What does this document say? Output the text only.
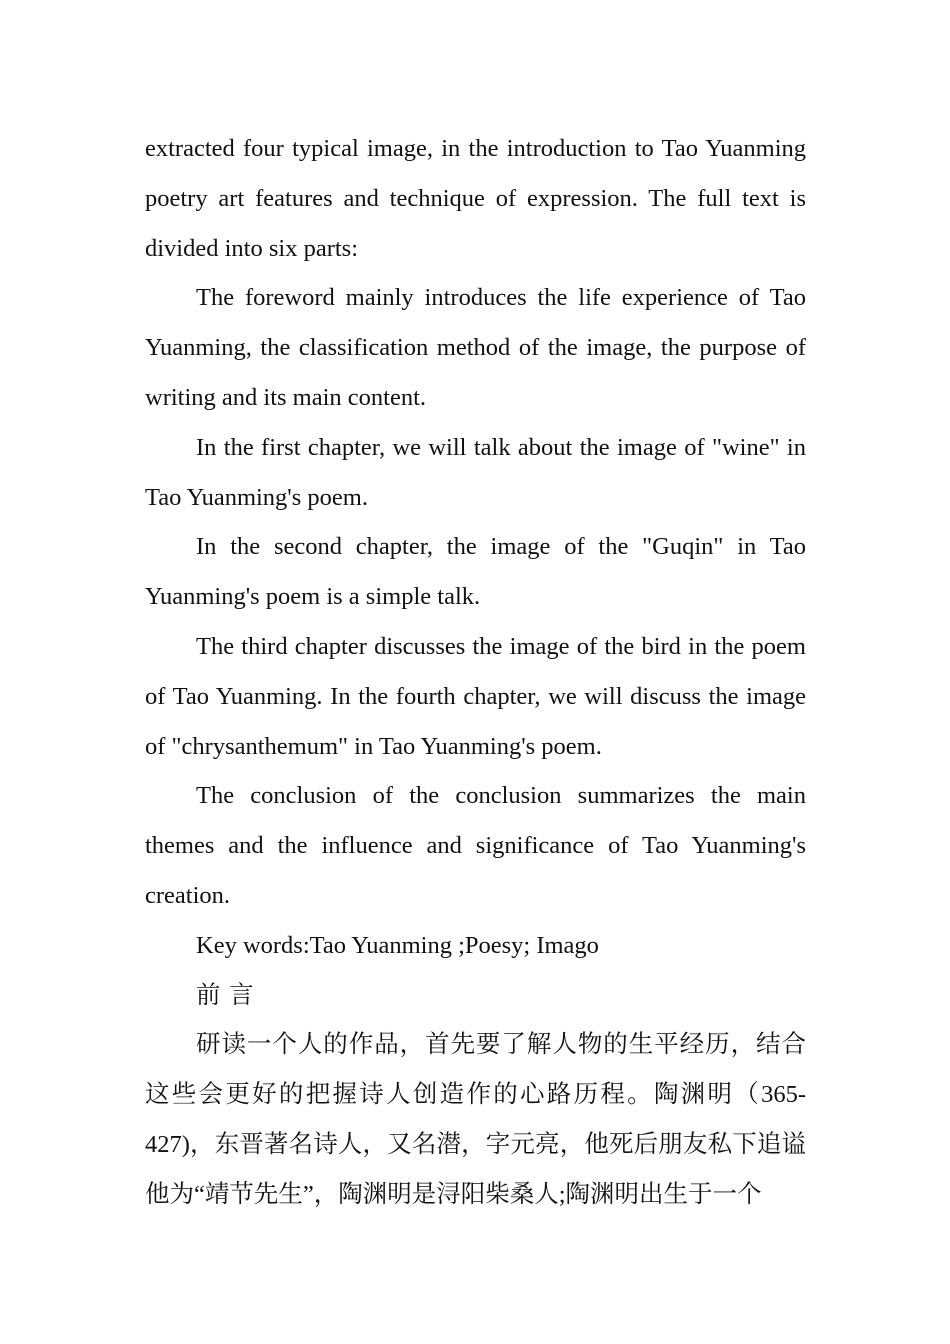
extracted four typical image, in the introduction to Tao Yuanming poetry art features and technique of expression. The full text is divided into six parts:

The foreword mainly introduces the life experience of Tao Yuanming, the classification method of the image, the purpose of writing and its main content.

In the first chapter, we will talk about the image of "wine" in Tao Yuanming's poem.

In the second chapter, the image of the "Guqin" in Tao Yuanming's poem is a simple talk.

The third chapter discusses the image of the bird in the poem of Tao Yuanming. In the fourth chapter, we will discuss the image of "chrysanthemum" in Tao Yuanming's poem.

The conclusion of the conclusion summarizes the main themes and the influence and significance of Tao Yuanming's creation.

Key words:Tao Yuanming ;Poesy; Imago

前言

研读一个人的作品，首先要了解人物的生平经历，结合这些会更好的把握诗人创造作的心路历程。陶渊明（365-427)，东晋著名诗人，又名潜，字元亮，他死后朋友私下追谥他为“靖节先生”，陶渊明是浔阳柴桑人;陶渊明出生于一个
